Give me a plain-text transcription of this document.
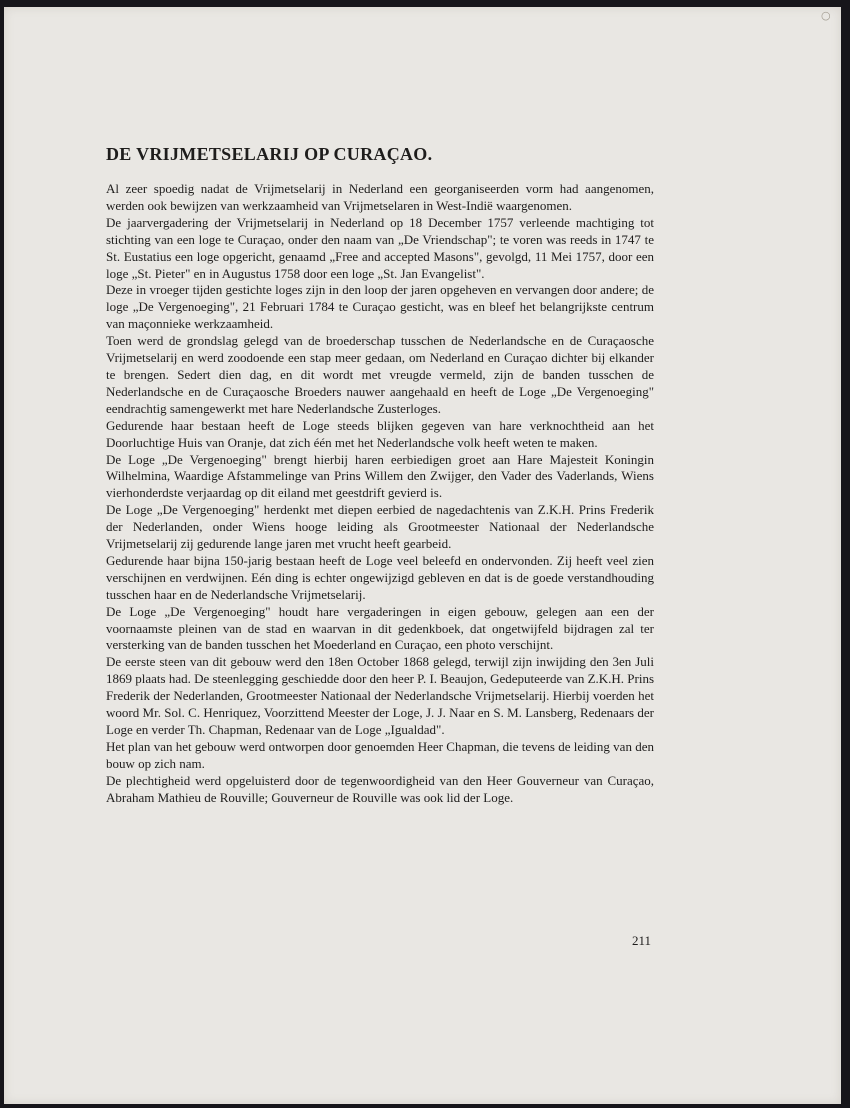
○
DE VRIJMETSELARIJ OP CURAÇAO.

Al zeer spoedig nadat de Vrijmetselarij in Nederland een georganiseerden vorm had aangenomen, werden ook bewijzen van werkzaamheid van Vrijmetselaren in West-Indië waargenomen.

De jaarvergadering der Vrijmetselarij in Nederland op 18 December 1757 verleende machtiging tot stichting van een loge te Curaçao, onder den naam van „De Vriendschap"; te voren was reeds in 1747 te St. Eustatius een loge opgericht, genaamd „Free and accepted Masons", gevolgd, 11 Mei 1757, door een loge „St. Pieter" en in Augustus 1758 door een loge „St. Jan Evangelist".

Deze in vroeger tijden gestichte loges zijn in den loop der jaren opgeheven en vervangen door andere; de loge „De Vergenoeging", 21 Februari 1784 te Curaçao gesticht, was en bleef het belangrijkste centrum van maçonnieke werkzaamheid.

Toen werd de grondslag gelegd van de broederschap tusschen de Nederlandsche en de Curaçaosche Vrijmetselarij en werd zoodoende een stap meer gedaan, om Nederland en Curaçao dichter bij elkander te brengen. Sedert dien dag, en dit wordt met vreugde vermeld, zijn de banden tusschen de Nederlandsche en de Curaçaosche Broeders nauwer aangehaald en heeft de Loge „De Vergenoeging" eendrachtig samengewerkt met hare Nederlandsche Zusterloges.

Gedurende haar bestaan heeft de Loge steeds blijken gegeven van hare verknochtheid aan het Doorluchtige Huis van Oranje, dat zich één met het Nederlandsche volk heeft weten te maken.

De Loge „De Vergenoeging" brengt hierbij haren eerbiedigen groet aan Hare Majesteit Koningin Wilhelmina, Waardige Afstammelinge van Prins Willem den Zwijger, den Vader des Vaderlands, Wiens vierhonderdste verjaardag op dit eiland met geestdrift gevierd is.

De Loge „De Vergenoeging" herdenkt met diepen eerbied de nagedachtenis van Z.K.H. Prins Frederik der Nederlanden, onder Wiens hooge leiding als Grootmeester Nationaal der Nederlandsche Vrijmetselarij zij gedurende lange jaren met vrucht heeft gearbeid.

Gedurende haar bijna 150-jarig bestaan heeft de Loge veel beleefd en ondervonden. Zij heeft veel zien verschijnen en verdwijnen. Eén ding is echter ongewijzigd gebleven en dat is de goede verstandhouding tusschen haar en de Nederlandsche Vrijmetselarij.

De Loge „De Vergenoeging" houdt hare vergaderingen in eigen gebouw, gelegen aan een der voornaamste pleinen van de stad en waarvan in dit gedenkboek, dat ongetwijfeld bijdragen zal ter versterking van de banden tusschen het Moederland en Curaçao, een photo verschijnt.

De eerste steen van dit gebouw werd den 18en October 1868 gelegd, terwijl zijn inwijding den 3en Juli 1869 plaats had. De steenlegging geschiedde door den heer P. I. Beaujon, Gedeputeerde van Z.K.H. Prins Frederik der Nederlanden, Grootmeester Nationaal der Nederlandsche Vrijmetselarij. Hierbij voerden het woord Mr. Sol. C. Henriquez, Voorzittend Meester der Loge, J. J. Naar en S. M. Lansberg, Redenaars der Loge en verder Th. Chapman, Redenaar van de Loge „Igualdad".

Het plan van het gebouw werd ontworpen door genoemden Heer Chapman, die tevens de leiding van den bouw op zich nam.

De plechtigheid werd opgeluisterd door de tegenwoordigheid van den Heer Gouverneur van Curaçao, Abraham Mathieu de Rouville; Gouverneur de Rouville was ook lid der Loge.

211
